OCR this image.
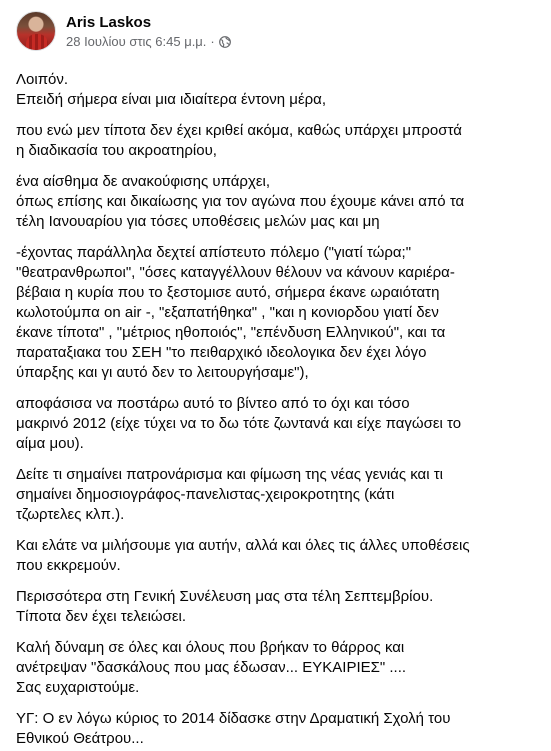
Aris Laskos
28 Ιουλίου στις 6:45 μ.μ. ·

Λοιπόν.
Επειδή σήμερα είναι μια ιδιαίτερα έντονη μέρα,

που ενώ μεν τίποτα δεν έχει κριθεί ακόμα, καθώς υπάρχει μπροστά
η διαδικασία του ακροατηρίου,

ένα αίσθημα δε ανακούφισης υπάρχει,
όπως επίσης και δικαίωσης για τον αγώνα που έχουμε κάνει από τα
τέλη Ιανουαρίου για τόσες υποθέσεις μελών μας και μη

-έχοντας παράλληλα δεχτεί απίστευτο πόλεμο ("γιατί τώρα;"
"θεατρανθρωποι", "όσες καταγγέλλουν θέλουν να κάνουν καριέρα-
βέβαια η κυρία που το ξεστομισε αυτό, σήμερα έκανε ωραιότατη
κωλοτούμπα on air -, "εξαπατήθηκα" , "και η κονιορδου γιατί δεν
έκανε τίποτα" , "μέτριος ηθοποιός", "επένδυση Ελληνικού", και τα
παραταξιακα του ΣΕΗ "το πειθαρχικό ιδεολογικα δεν έχει λόγο
ύπαρξης και γι αυτό δεν το λειτουργήσαμε"),

αποφάσισα να ποστάρω αυτό το βίντεο από το όχι και τόσο
μακρινό 2012 (είχε τύχει να το δω τότε ζωντανά και είχε παγώσει το
αίμα μου).

Δείτε τι σημαίνει πατρονάρισμα και φίμωση της νέας γενιάς και τι
σημαίνει δημοσιογράφος-πανελιστας-χειροκροτητης (κάτι
τζωρτελες κλπ.).

Και ελάτε να μιλήσουμε για αυτήν, αλλά και όλες τις άλλες υποθέσεις
που εκκρεμούν.

Περισσότερα στη Γενική Συνέλευση μας στα τέλη Σεπτεμβρίου.
Τίποτα δεν έχει τελειώσει.

Καλή δύναμη σε όλες και όλους που βρήκαν το θάρρος και
ανέτρεψαν "δασκάλους που μας έδωσαν... ΕΥΚΑΙΡΙΕΣ" ....
Σας ευχαριστούμε.

ΥΓ: Ο εν λόγω κύριος το 2014 δίδασκε στην Δραματική Σχολή του
Εθνικού Θεάτρου...
